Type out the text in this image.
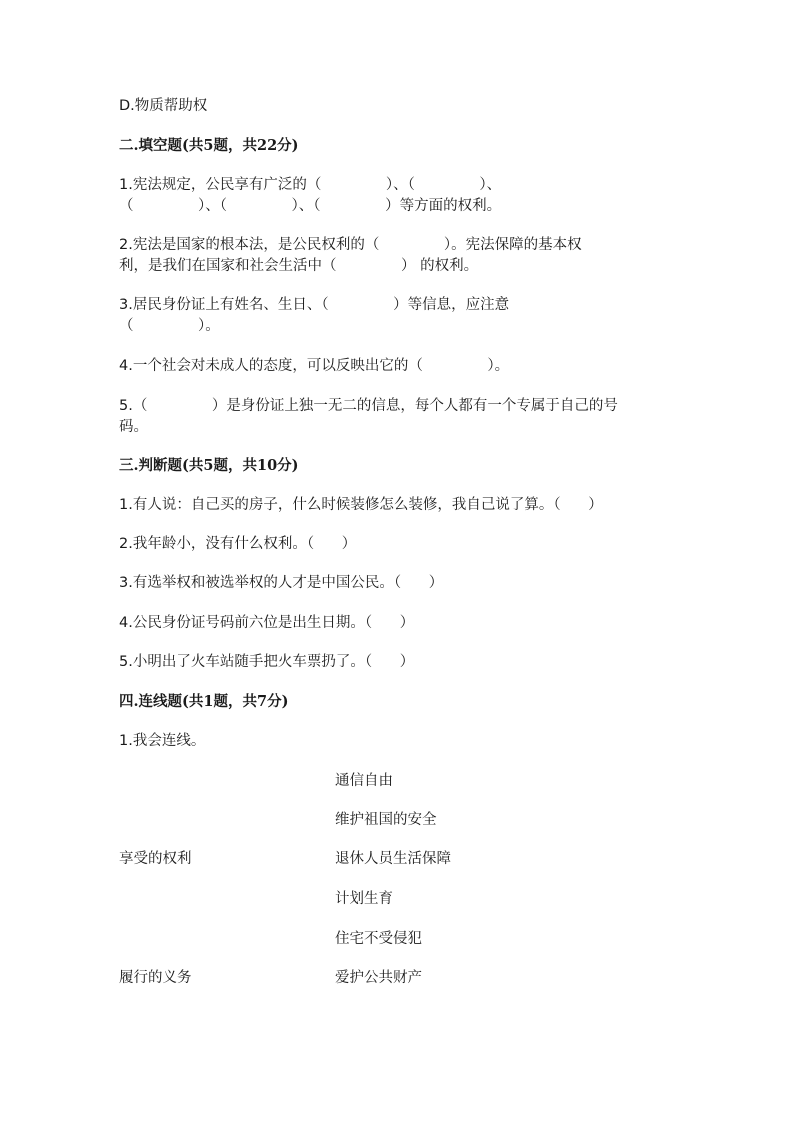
D.物质帮助权
二.填空题(共5题，共22分)
1.宪法规定，公民享有广泛的（              ）、（              ）、
（              ）、（              ）、（              ）等方面的权利。
2.宪法是国家的根本法，是公民权利的（              ）。宪法保障的基本权
利，是我们在国家和社会生活中（              ） 的权利。
3.居民身份证上有姓名、生日、（              ）等信息，应注意
（              ）。
4.一个社会对未成人的态度，可以反映出它的（              ）。
5.（              ）是身份证上独一无二的信息，每个人都有一个专属于自己的号
码。
三.判断题(共5题，共10分)
1.有人说：自己买的房子，什么时候装修怎么装修，我自己说了算。（      ）
2.我年龄小，没有什么权利。（      ）
3.有选举权和被选举权的人才是中国公民。（      ）
4.公民身份证号码前六位是出生日期。（      ）
5.小明出了火车站随手把火车票扔了。（      ）
四.连线题(共1题，共7分)
1.我会连线。
通信自由
维护祖国的安全
享受的权利	退休人员生活保障
计划生育
住宅不受侵犯
履行的义务	爱护公共财产
